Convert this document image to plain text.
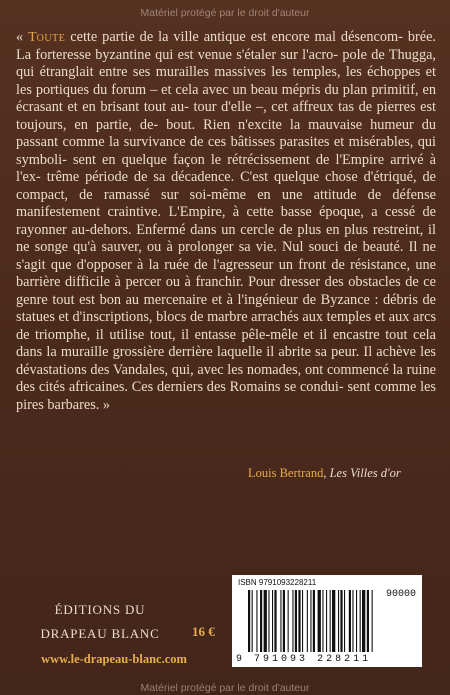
Matériel protégé par le droit d'auteur

« Toute cette partie de la ville antique est encore mal désencom- brée. La forteresse byzantine qui est venue s'étaler sur l'acro- pole de Thugga, qui étranglait entre ses murailles massives les temples, les échoppes et les portiques du forum – et cela avec un beau mépris du plan primitif, en écrasant et en brisant tout au- tour d'elle –, cet affreux tas de pierres est toujours, en partie, de- bout. Rien n'excite la mauvaise humeur du passant comme la survivance de ces bâtisses parasites et misérables, qui symboli- sent en quelque façon le rétrécissement de l'Empire arrivé à l'ex- trême période de sa décadence. C'est quelque chose d'étriqué, de compact, de ramassé sur soi-même en une attitude de défense manifestement craintive. L'Empire, à cette basse époque, a cessé de rayonner au-dehors. Enfermé dans un cercle de plus en plus restreint, il ne songe qu'à sauver, ou à prolonger sa vie. Nul souci de beauté. Il ne s'agit que d'opposer à la ruée de l'agresseur un front de résistance, une barrière difficile à percer ou à franchir. Pour dresser des obstacles de ce genre tout est bon au mercenaire et à l'ingénieur de Byzance : débris de statues et d'inscriptions, blocs de marbre arrachés aux temples et aux arcs de triomphe, il utilise tout, il entasse pêle-mêle et il encastre tout cela dans la muraille grossière derrière laquelle il abrite sa peur. Il achève les dévastations des Vandales, qui, avec les nomades, ont commencé la ruine des cités africaines. Ces derniers des Romains se condui- sent comme les pires barbares. »

Louis Bertrand, Les Villes d'or
ÉDITIONS DU
DRAPEAU BLANC	16 €
www.le-drapeau-blanc.com
ISBN 9791093228211
90000
9 791093 228211
Matériel protégé par le droit d'auteur
